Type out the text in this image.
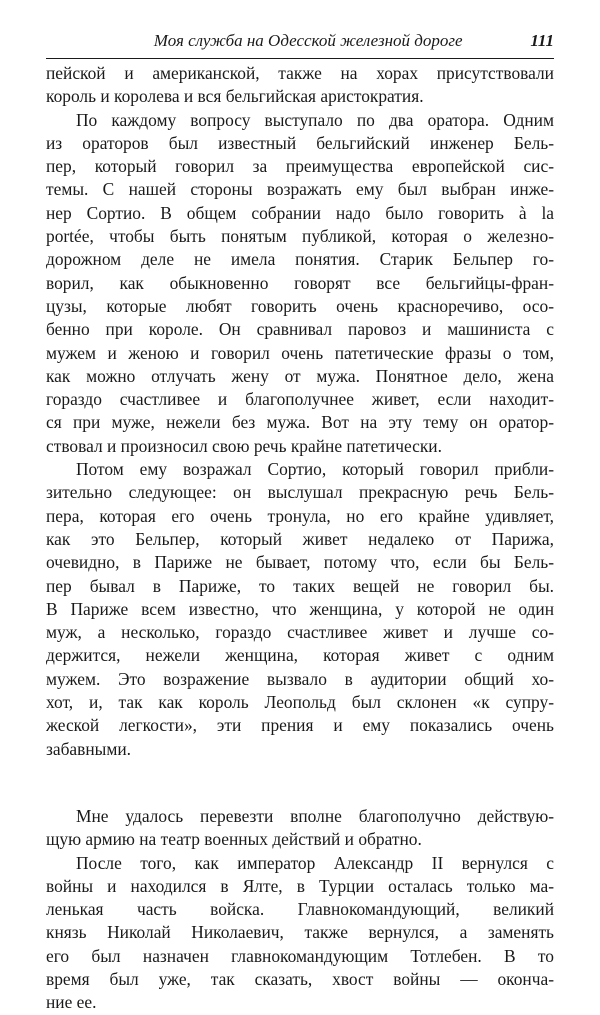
Моя служба на Одесской железной дороге	111
пейской и американской, также на хорах присутствовали
король и королева и вся бельгийская аристократия.
По каждому вопросу выступало по два оратора. Одним
из ораторов был известный бельгийский инженер Бель-
пер, который говорил за преимущества европейской сис-
темы. С нашей стороны возражать ему был выбран инже-
нер Сортио. В общем собрании надо было говорить à la
portée, чтобы быть понятым публикой, которая о железно-
дорожном деле не имела понятия. Старик Бельпер го-
ворил, как обыкновенно говорят все бельгийцы-фран-
цузы, которые любят говорить очень красноречиво, осо-
бенно при короле. Он сравнивал паровоз и машиниста с
мужем и женою и говорил очень патетические фразы о том,
как можно отлучать жену от мужа. Понятное дело, жена
гораздо счастливее и благополучнее живет, если находит-
ся при муже, нежели без мужа. Вот на эту тему он оратор-
ствовал и произносил свою речь крайне патетически.
Потом ему возражал Сортио, который говорил прибли-
зительно следующее: он выслушал прекрасную речь Бель-
пера, которая его очень тронула, но его крайне удивляет,
как это Бельпер, который живет недалеко от Парижа,
очевидно, в Париже не бывает, потому что, если бы Бель-
пер бывал в Париже, то таких вещей не говорил бы.
В Париже всем известно, что женщина, у которой не один
муж, а несколько, гораздо счастливее живет и лучше со-
держится, нежели женщина, которая живет с одним
мужем. Это возражение вызвало в аудитории общий хо-
хот, и, так как король Леопольд был склонен «к супру-
жеской легкости», эти прения и ему показались очень
забавными.
Мне удалось перевезти вполне благополучно действую-
щую армию на театр военных действий и обратно.
После того, как император Александр II вернулся с
войны и находился в Ялте, в Турции осталась только ма-
ленькая часть войска. Главнокомандующий, великий
князь Николай Николаевич, также вернулся, а заменять
его был назначен главнокомандующим Тотлебен. В то
время был уже, так сказать, хвост войны — оконча-
ние ее.
